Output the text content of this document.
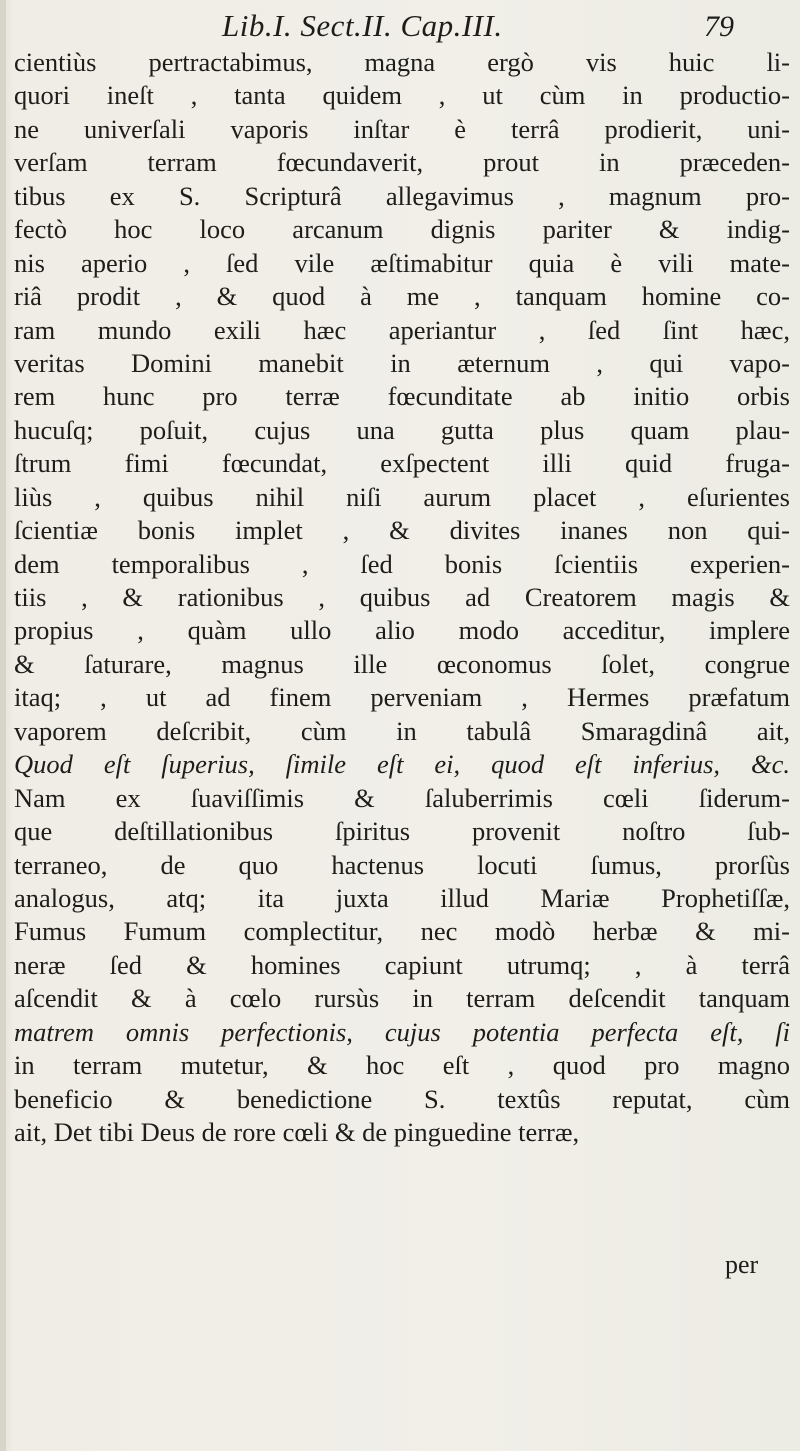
Lib.I. Sect.II. Cap.III.	79
cientiùs pertractabimus, magna ergò vis huic li-
quori ineſt , tanta quidem , ut cùm in productio-
ne univerſali vaporis inſtar è terrâ prodierit, uni-
verſam terram fœcundaverit, prout in præceden-
tibus ex S. Scripturâ allegavimus , magnum pro-
fectò hoc loco arcanum dignis pariter & indig-
nis aperio , ſed vile æſtimabitur quia è vili mate-
riâ prodit , & quod à me , tanquam homine co-
ram mundo exili hæc aperiantur , ſed ſint hæc,
veritas Domini manebit in æternum , qui vapo-
rem hunc pro terræ fœcunditate ab initio orbis
hucuſq; poſuit, cujus una gutta plus quam plau-
ſtrum fimi fœcundat, exſpectent illi quid fruga-
liùs , quibus nihil niſi aurum placet , eſurientes
ſcientiæ bonis implet , & divites inanes non qui-
dem temporalibus , ſed bonis ſcientiis experien-
tiis , & rationibus , quibus ad Creatorem magis &
propius , quàm ullo alio modo acceditur, implere
& ſaturare, magnus ille œconomus ſolet, congrue
itaq; , ut ad finem perveniam , Hermes præfatum
vaporem deſcribit, cùm in tabulâ Smaragdinâ ait,
Quod eſt ſuperius, ſimile eſt ei, quod eſt inferius, &c.
Nam ex ſuaviſſimis & ſaluberrimis cœli ſiderum-
que deſtillationibus ſpiritus provenit noſtro ſub-
terraneo, de quo hactenus locuti ſumus, prorſùs
analogus, atq; ita juxta illud Mariæ Prophetiſſæ,
Fumus Fumum complectitur, nec modò herbæ & mi-
neræ ſed & homines capiunt utrumq; , à terrâ
aſcendit & à cœlo rursùs in terram deſcendit tanquam
matrem omnis perfectionis, cujus potentia perfecta eſt, ſi
in terram mutetur, & hoc eſt , quod pro magno
beneficio & benedictione S. textûs reputat, cùm
ait, Det tibi Deus de rore cœli & de pinguedine terræ,
per
